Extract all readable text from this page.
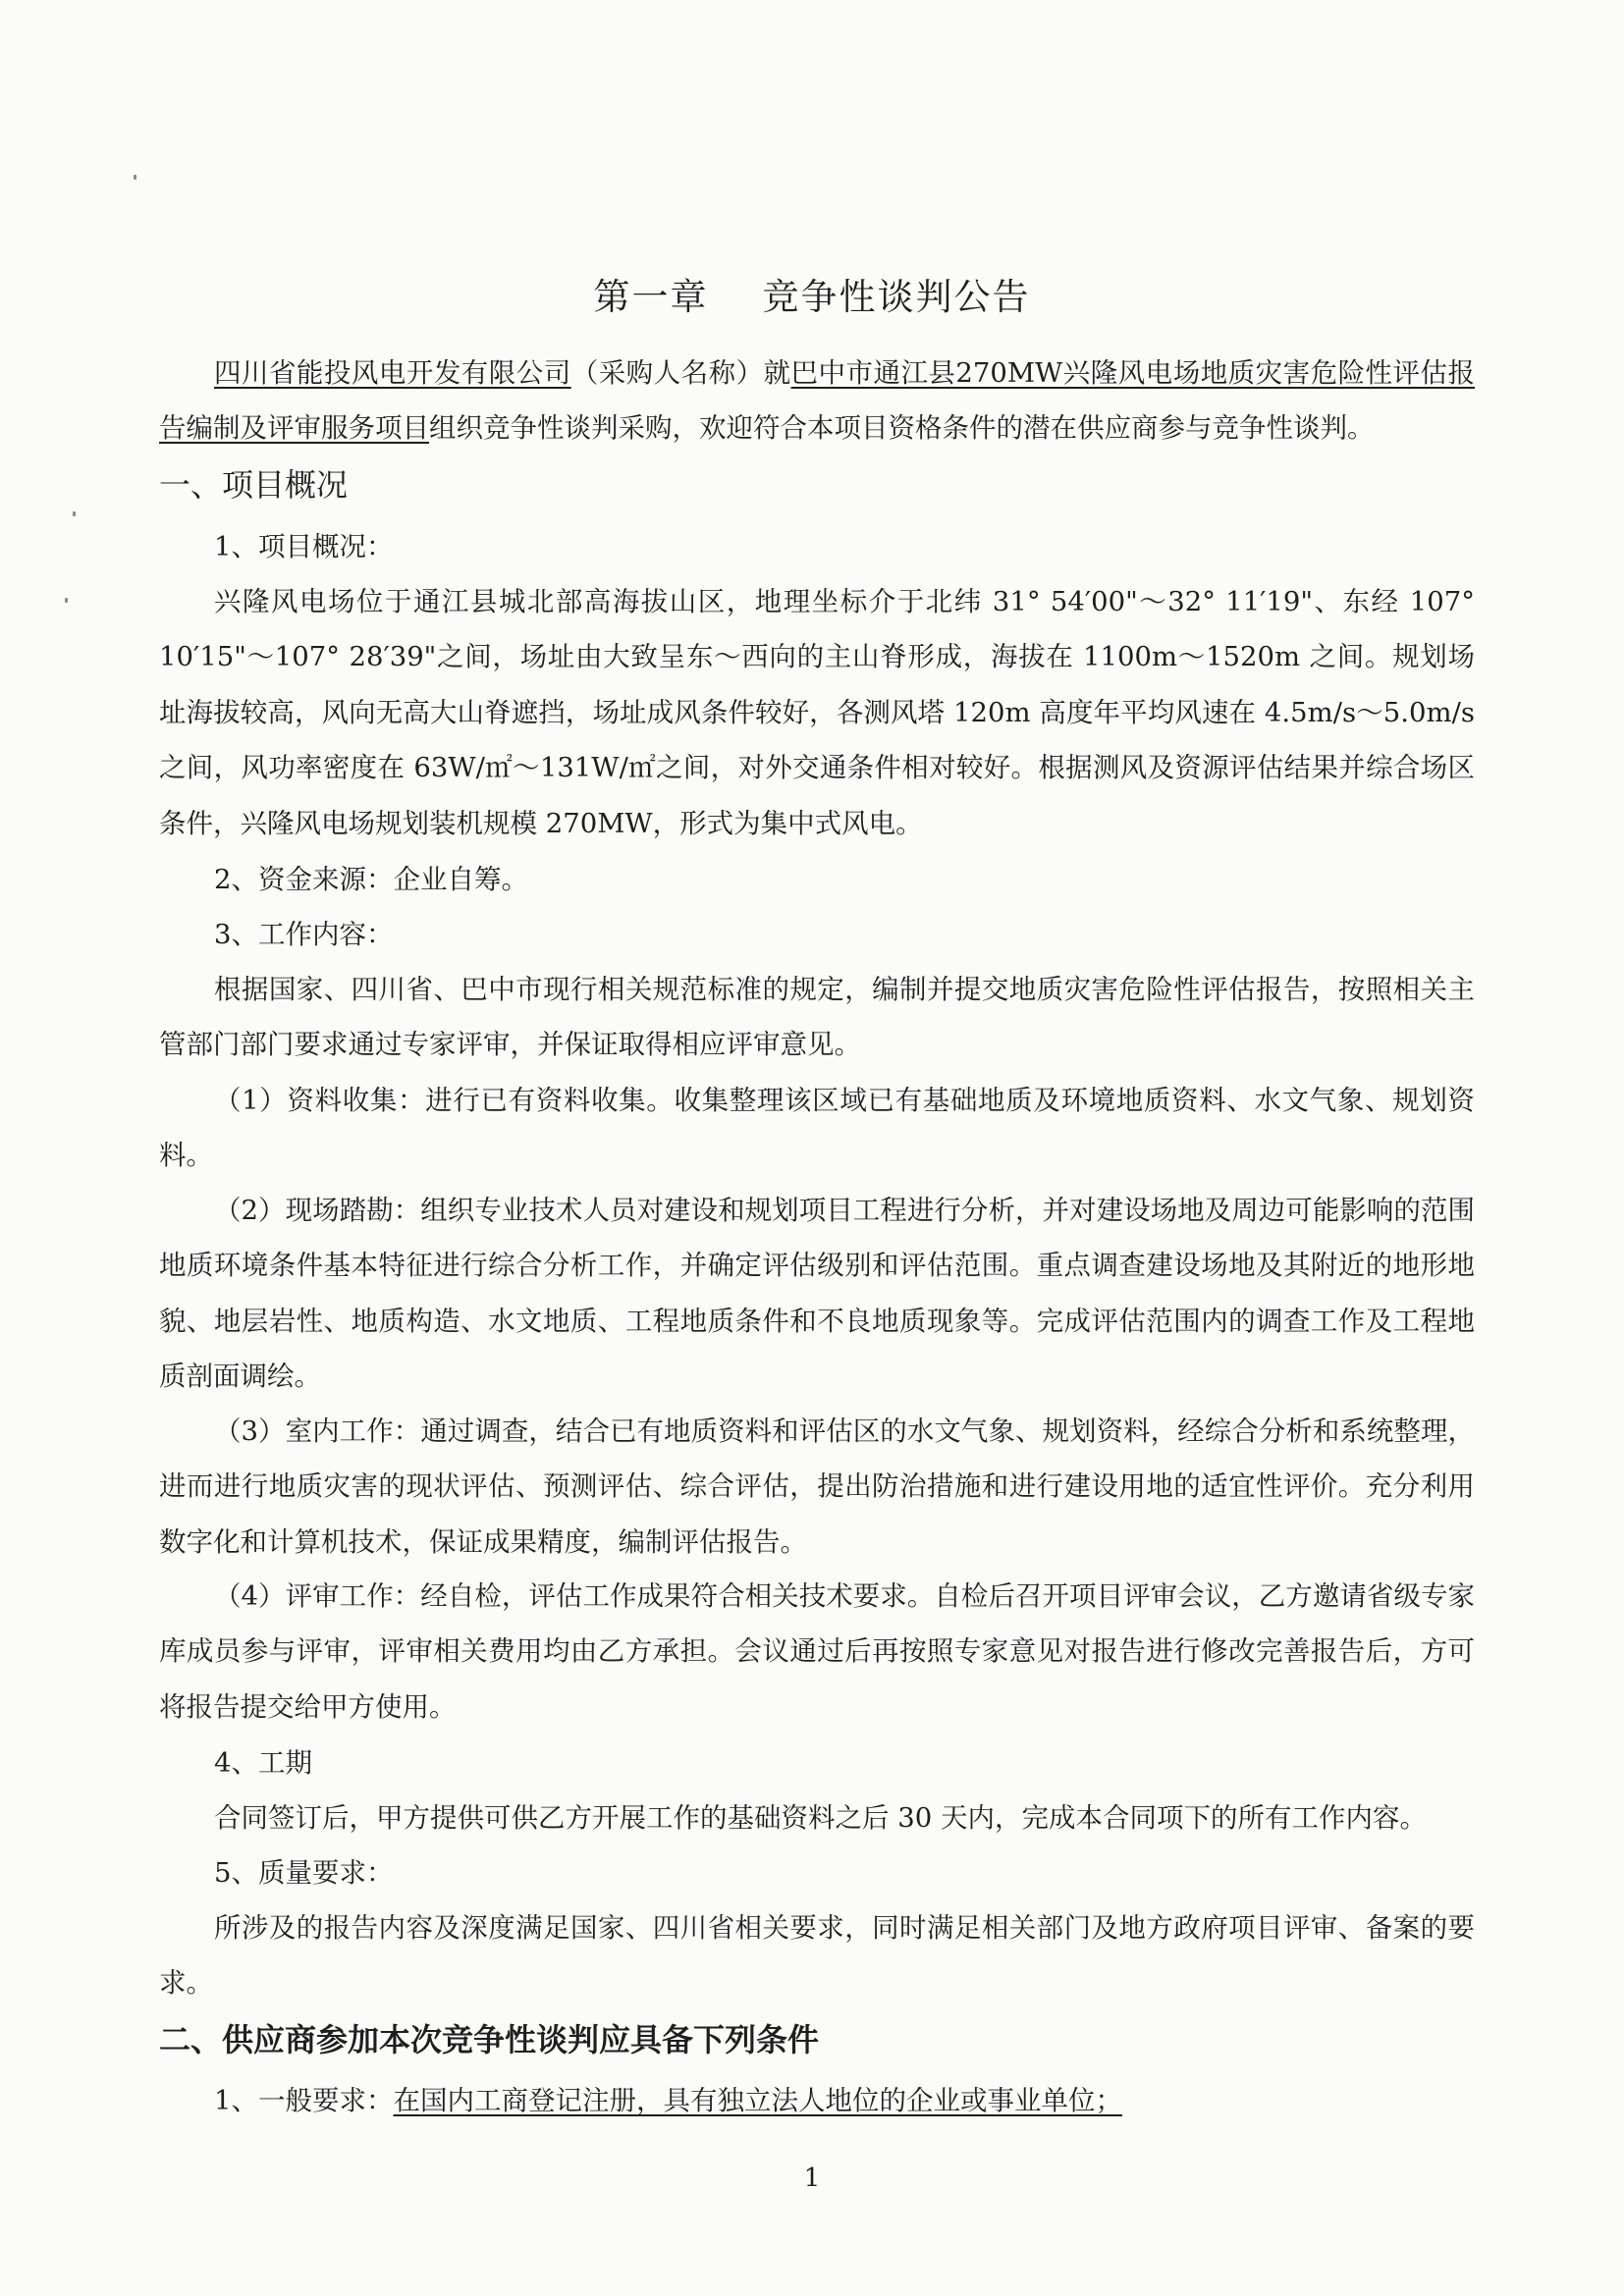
第一章    竞争性谈判公告

四川省能投风电开发有限公司（采购人名称）就巴中市通江县270MW兴隆风电场地质灾害危险性评估报告编制及评审服务项目组织竞争性谈判采购，欢迎符合本项目资格条件的潜在供应商参与竞争性谈判。

一、项目概况

1、项目概况：

兴隆风电场位于通江县城北部高海拔山区，地理坐标介于北纬 31° 54′00"～32° 11′19"、东经 107° 10′15"～107° 28′39"之间，场址由大致呈东～西向的主山脊形成，海拔在 1100m～1520m 之间。规划场址海拔较高，风向无高大山脊遮挡，场址成风条件较好，各测风塔 120m 高度年平均风速在 4.5m/s～5.0m/s 之间，风功率密度在 63W/㎡～131W/㎡之间，对外交通条件相对较好。根据测风及资源评估结果并综合场区条件，兴隆风电场规划装机规模 270MW，形式为集中式风电。

2、资金来源：企业自筹。

3、工作内容：

根据国家、四川省、巴中市现行相关规范标准的规定，编制并提交地质灾害危险性评估报告，按照相关主管部门部门要求通过专家评审，并保证取得相应评审意见。

（1）资料收集：进行已有资料收集。收集整理该区域已有基础地质及环境地质资料、水文气象、规划资料。

（2）现场踏勘：组织专业技术人员对建设和规划项目工程进行分析，并对建设场地及周边可能影响的范围地质环境条件基本特征进行综合分析工作，并确定评估级别和评估范围。重点调查建设场地及其附近的地形地貌、地层岩性、地质构造、水文地质、工程地质条件和不良地质现象等。完成评估范围内的调查工作及工程地质剖面调绘。

（3）室内工作：通过调查，结合已有地质资料和评估区的水文气象、规划资料，经综合分析和系统整理，进而进行地质灾害的现状评估、预测评估、综合评估，提出防治措施和进行建设用地的适宜性评价。充分利用数字化和计算机技术，保证成果精度，编制评估报告。

（4）评审工作：经自检，评估工作成果符合相关技术要求。自检后召开项目评审会议，乙方邀请省级专家库成员参与评审，评审相关费用均由乙方承担。会议通过后再按照专家意见对报告进行修改完善报告后，方可将报告提交给甲方使用。

4、工期

合同签订后，甲方提供可供乙方开展工作的基础资料之后 30 天内，完成本合同项下的所有工作内容。

5、质量要求：

所涉及的报告内容及深度满足国家、四川省相关要求，同时满足相关部门及地方政府项目评审、备案的要求。

二、供应商参加本次竞争性谈判应具备下列条件

1、一般要求：在国内工商登记注册，具有独立法人地位的企业或事业单位；

1
